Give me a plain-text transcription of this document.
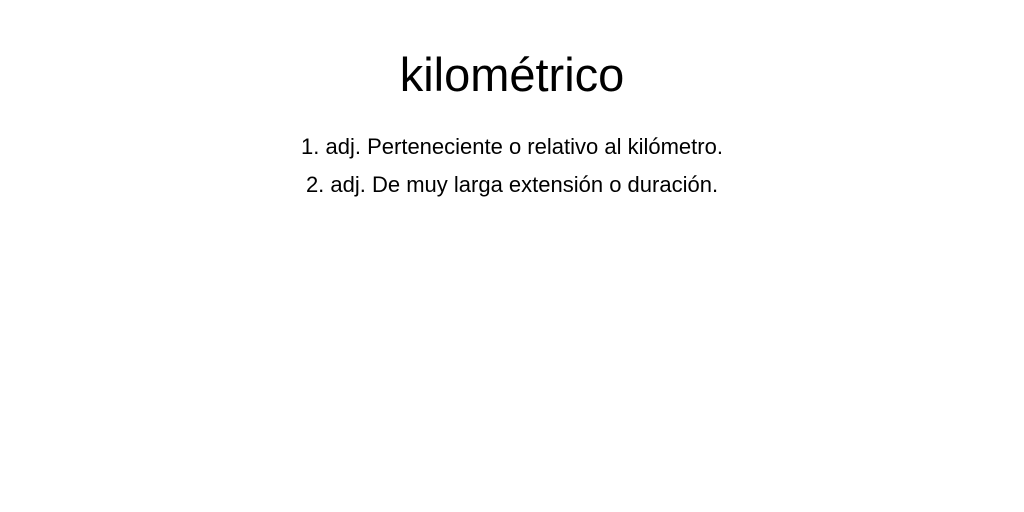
kilométrico
1. adj. Perteneciente o relativo al kilómetro.
2. adj. De muy larga extensión o duración.
